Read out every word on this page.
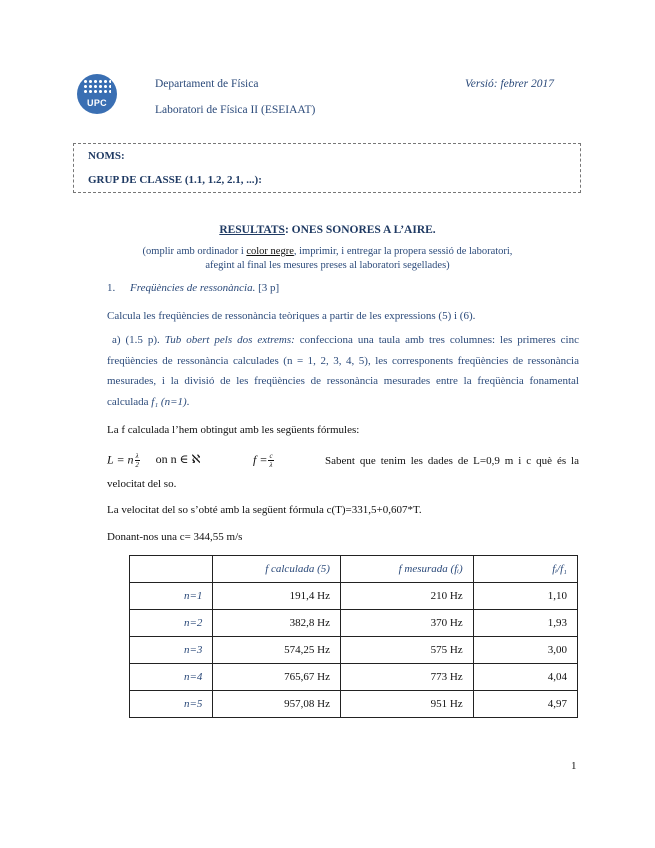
UPC
Departament de Física
Laboratori de Física II (ESEIAAT)
Versió: febrer 2017
NOMS:
GRUP DE CLASSE (1.1, 1.2, 2.1, ...):
RESULTATS: ONES SONORES A L’AIRE.
(omplir amb ordinador i color negre, imprimir, i entregar la propera sessió de laboratori,
afegint al final les mesures preses al laboratori segellades)
1. Freqüències de ressonància. [3 p]
Calcula les freqüències de ressonància teòriques a partir de les expressions (5) i (6).
a) (1.5 p). Tub obert pels dos extrems: confecciona una taula amb tres columnes: les primeres cinc freqüències de ressonància calculades (n = 1, 2, 3, 4, 5), les corresponents freqüències de ressonància mesurades, i la divisió de les freqüències de ressonància mesurades entre la freqüència fonamental calculada f₁ (n=1).
La f calculada l’hem obtingut amb les següents fórmules:
L = n $\frac{\lambda}{2}$ on n ∈ ℵ	$f = \frac{c}{\lambda}$	Sabent que tenim les dades de L=0,9 m i c què és la
velocitat del so.
La velocitat del so s’obté amb la següent fórmula c(T)=331,5+0,607*T.
Donant-nos una c= 344,55 m/s
	f calculada (5)	f mesurada (fᵢ)	fᵢ/f₁
n=1	191,4 Hz	210 Hz	1,10
n=2	382,8 Hz	370 Hz	1,93
n=3	574,25 Hz	575 Hz	3,00
n=4	765,67 Hz	773 Hz	4,04
n=5	957,08 Hz	951 Hz	4,97
1
